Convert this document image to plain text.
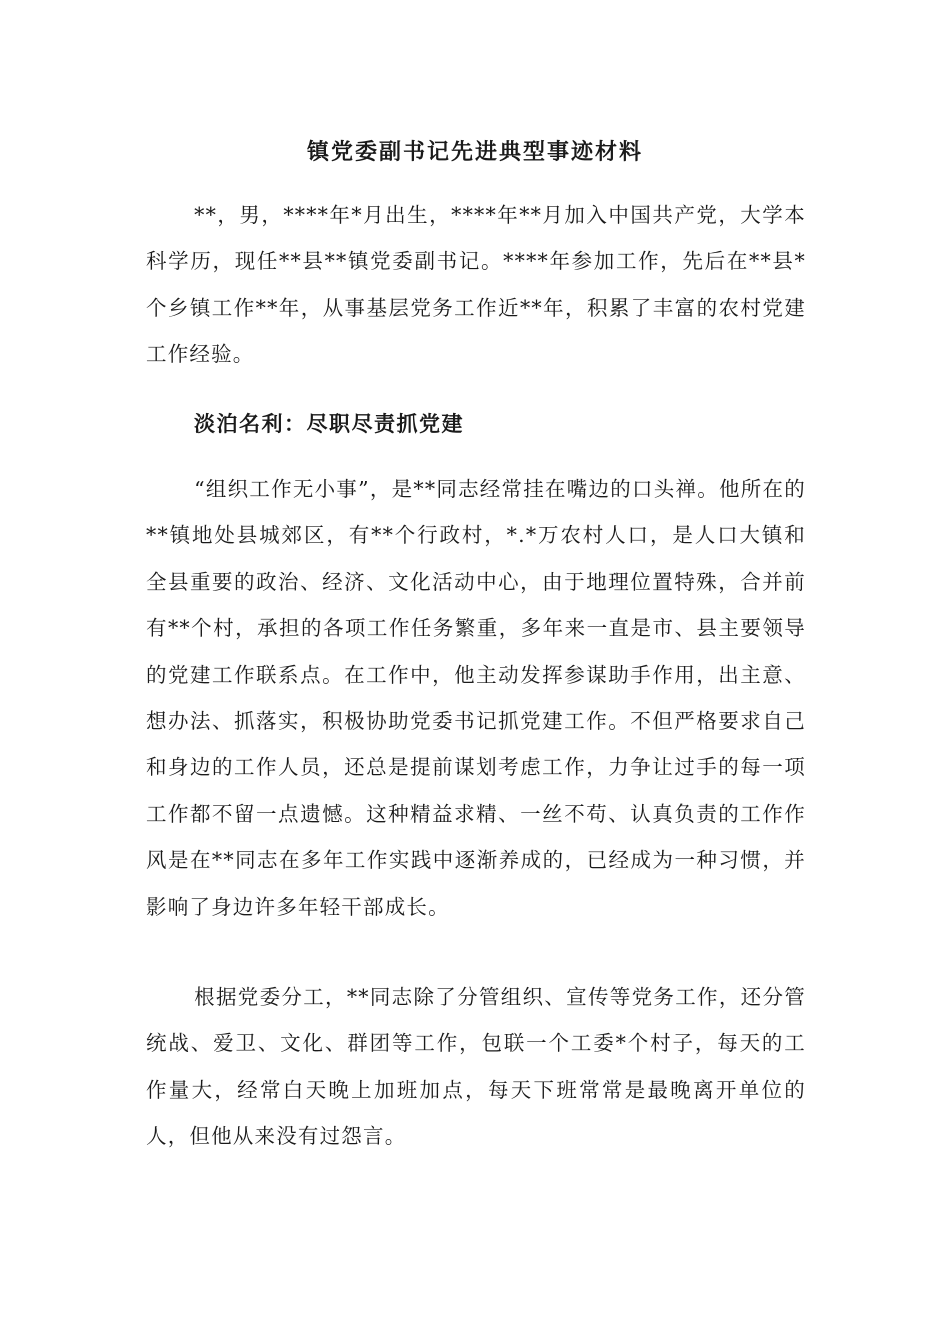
镇党委副书记先进典型事迹材料

**，男，****年*月出生，****年**月加入中国共产党，大学本科学历，现任**县**镇党委副书记。****年参加工作，先后在**县*个乡镇工作**年，从事基层党务工作近**年，积累了丰富的农村党建工作经验。

淡泊名利：尽职尽责抓党建

“组织工作无小事”，是**同志经常挂在嘴边的口头禅。他所在的**镇地处县城郊区，有**个行政村，*.*万农村人口，是人口大镇和全县重要的政治、经济、文化活动中心，由于地理位置特殊，合并前有**个村，承担的各项工作任务繁重，多年来一直是市、县主要领导的党建工作联系点。在工作中，他主动发挥参谋助手作用，出主意、想办法、抓落实，积极协助党委书记抓党建工作。不但严格要求自己和身边的工作人员，还总是提前谋划考虑工作，力争让过手的每一项工作都不留一点遗憾。这种精益求精、一丝不苟、认真负责的工作作风是在**同志在多年工作实践中逐渐养成的，已经成为一种习惯，并影响了身边许多年轻干部成长。

根据党委分工，**同志除了分管组织、宣传等党务工作，还分管统战、爱卫、文化、群团等工作，包联一个工委*个村子，每天的工作量大，经常白天晚上加班加点，每天下班常常是最晚离开单位的人，但他从来没有过怨言。
